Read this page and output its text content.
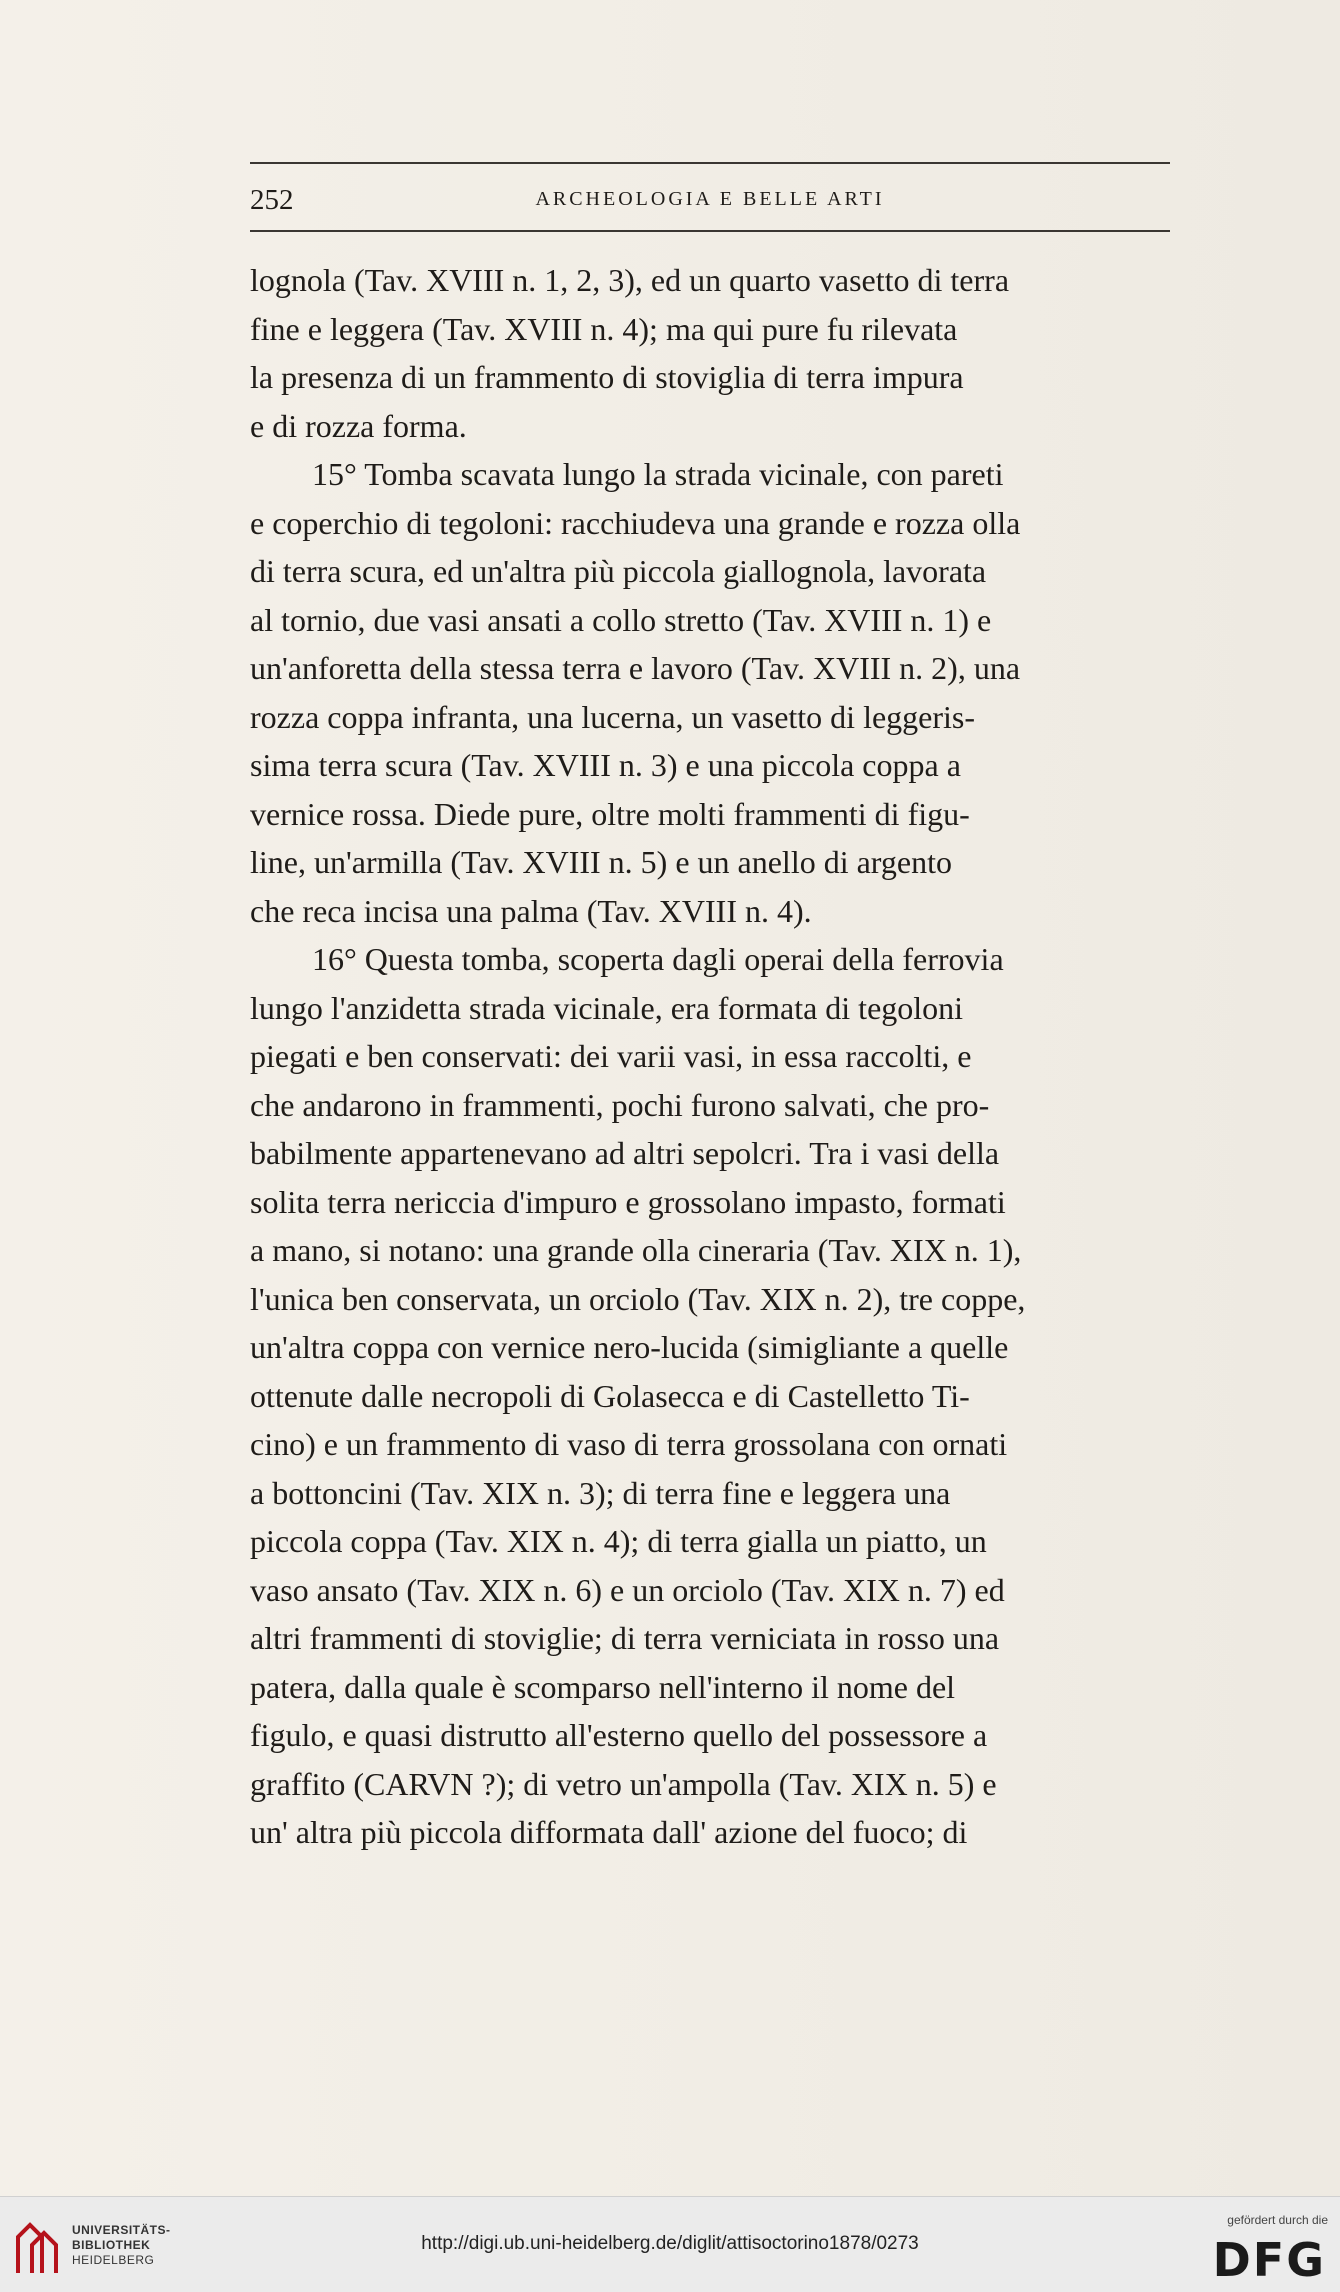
252	ARCHEOLOGIA E BELLE ARTI

lognola (Tav. XVIII n. 1, 2, 3), ed un quarto vasetto di terra

fine e leggera (Tav. XVIII n. 4); ma qui pure fu rilevata

la presenza di un frammento di stoviglia di terra impura

e di rozza forma.

15° Tomba scavata lungo la strada vicinale, con pareti

e coperchio di tegoloni: racchiudeva una grande e rozza olla

di terra scura, ed un'altra più piccola giallognola, lavorata

al tornio, due vasi ansati a collo stretto (Tav. XVIII n. 1) e

un'anforetta della stessa terra e lavoro (Tav. XVIII n. 2), una

rozza coppa infranta, una lucerna, un vasetto di leggeris-

sima terra scura (Tav. XVIII n. 3) e una piccola coppa a

vernice rossa. Diede pure, oltre molti frammenti di figu-

line, un'armilla (Tav. XVIII n. 5) e un anello di argento

che reca incisa una palma (Tav. XVIII n. 4).

16° Questa tomba, scoperta dagli operai della ferrovia

lungo l'anzidetta strada vicinale, era formata di tegoloni

piegati e ben conservati: dei varii vasi, in essa raccolti, e

che andarono in frammenti, pochi furono salvati, che pro-

babilmente appartenevano ad altri sepolcri. Tra i vasi della

solita terra nericcia d'impuro e grossolano impasto, formati

a mano, si notano: una grande olla cineraria (Tav. XIX n. 1),

l'unica ben conservata, un orciolo (Tav. XIX n. 2), tre coppe,

un'altra coppa con vernice nero-lucida (simigliante a quelle

ottenute dalle necropoli di Golasecca e di Castelletto Ti-

cino) e un frammento di vaso di terra grossolana con ornati

a bottoncini (Tav. XIX n. 3); di terra fine e leggera una

piccola coppa (Tav. XIX n. 4); di terra gialla un piatto, un

vaso ansato (Tav. XIX n. 6) e un orciolo (Tav. XIX n. 7) ed

altri frammenti di stoviglie; di terra verniciata in rosso una

patera, dalla quale è scomparso nell'interno il nome del

figulo, e quasi distrutto all'esterno quello del possessore a

graffito (CARVN ?); di vetro un'ampolla (Tav. XIX n. 5) e

un' altra più piccola difformata dall' azione del fuoco; di

UNIVERSITÄTS-
BIBLIOTHEK
HEIDELBERG
http://digi.ub.uni-heidelberg.de/diglit/attisoctorino1878/0273
gefördert durch die
DFG
